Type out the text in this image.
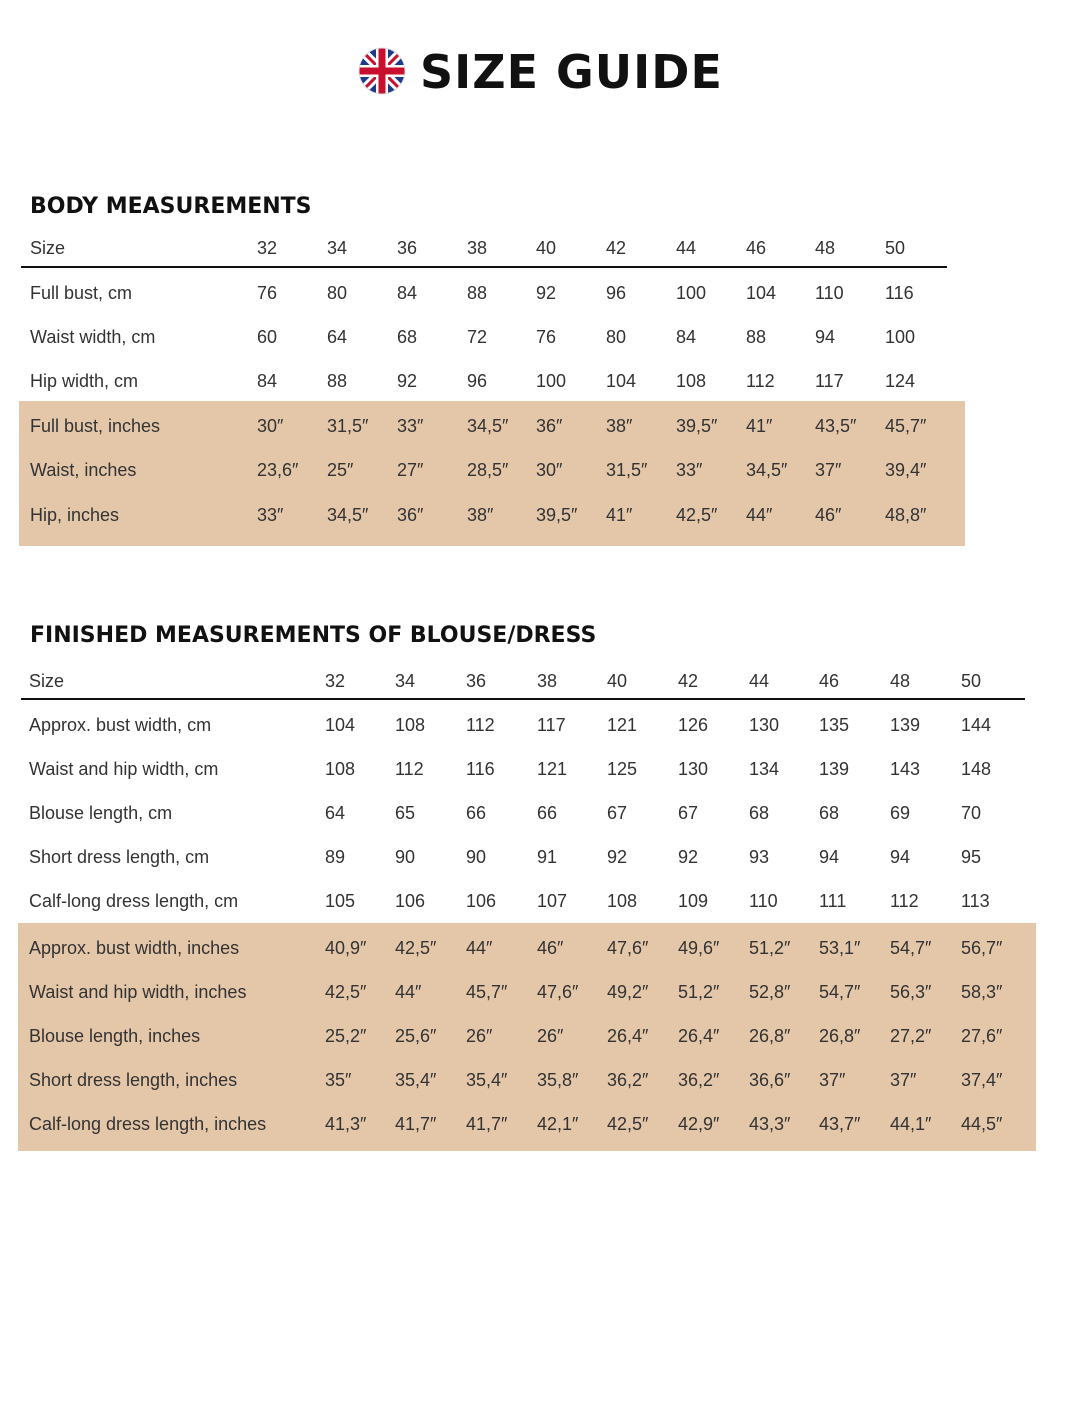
SIZE GUIDE
BODY MEASUREMENTS
Size	32	34	36	38	40	42	44	46	48	50
Full bust, cm	76	80	84	88	92	96	100 104 110 116
Waist width, cm	60	64	68	72	76	80	84	88	94	100
Hip width, cm	84	88	92	96	100 104 108 112 117 124
Full bust, inches	30″ 31,5″ 33″ 34,5″ 36″ 38″ 39,5″ 41″ 43,5″ 45,7″
Waist, inches	23,6″ 25″ 27″ 28,5″ 30″ 31,5″ 33″ 34,5″ 37″ 39,4″
Hip, inches	33″ 34,5″ 36″ 38″ 39,5″ 41″ 42,5″ 44″ 46″ 48,8″
FINISHED MEASUREMENTS OF BLOUSE/DRESS
Size	32	34	36	38	40	42	44	46	48	50
Approx. bust width, cm	104 108 112 117 121 126 130 135 139 144
Waist and hip width, cm	108 112 116 121 125 130 134 139 143 148
Blouse length, cm	64	65	66	66	67	67	68	68	69	70
Short dress length, cm	89	90	90	91	92	92	93	94	94	95
Calf-long dress length, cm	105 106 106 107 108 109 110 111 112 113
Approx. bust width, inches	40,9″ 42,5″ 44″ 46″ 47,6″ 49,6″ 51,2″ 53,1″ 54,7″ 56,7″
Waist and hip width, inches	42,5″ 44″ 45,7″ 47,6″ 49,2″ 51,2″ 52,8″ 54,7″ 56,3″ 58,3″
Blouse length, inches	25,2″ 25,6″ 26″ 26″ 26,4″ 26,4″ 26,8″ 26,8″ 27,2″ 27,6″
Short dress length, inches	35″ 35,4″ 35,4″ 35,8″ 36,2″ 36,2″ 36,6″ 37″ 37″ 37,4″
Calf-long dress length, inches	41,3″ 41,7″ 41,7″ 42,1″ 42,5″ 42,9″ 43,3″ 43,7″ 44,1″ 44,5″
